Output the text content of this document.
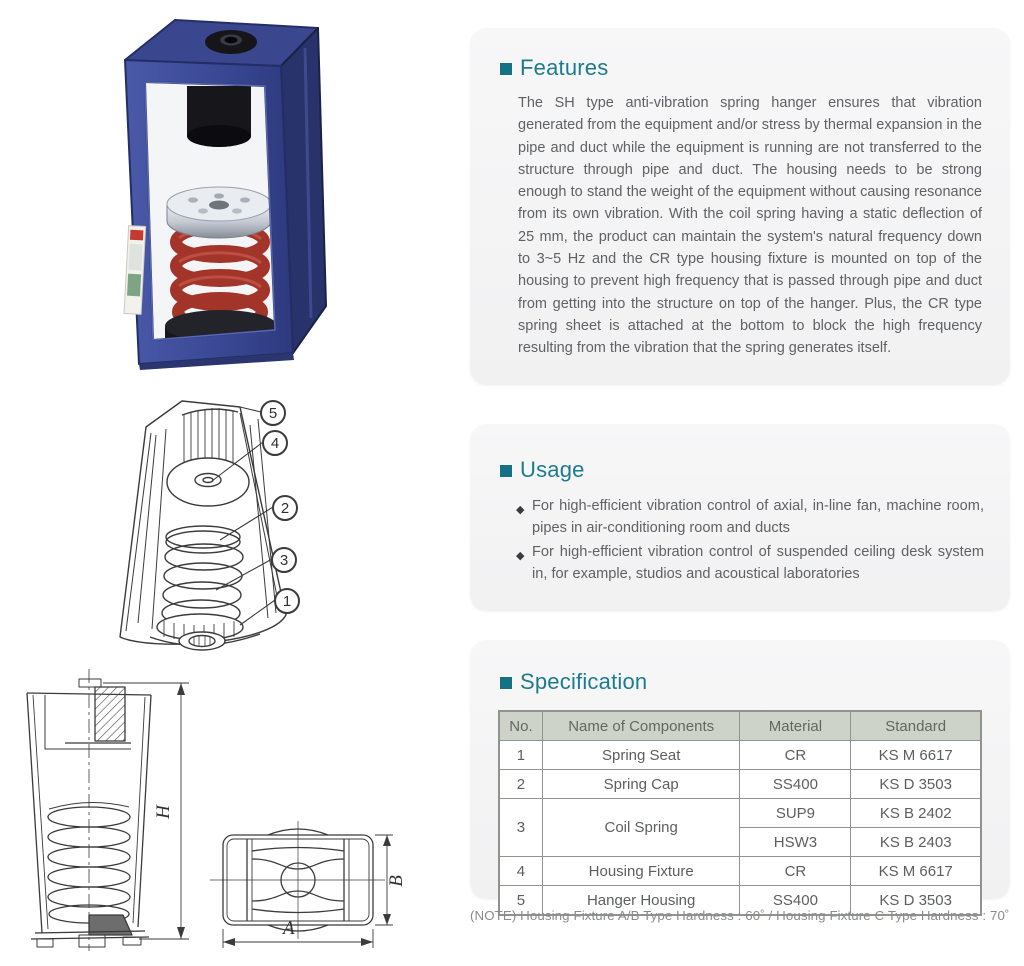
5
4
2
3
1
H
B
A
Features

The SH type anti-vibration spring hanger ensures that vibration generated from the equipment and/or stress by thermal expansion in the pipe and duct while the equipment is running are not transferred to the structure through pipe and duct. The housing needs to be strong enough to stand the weight of the equipment without causing resonance from its own vibration. With the coil spring having a static deflection of 25 mm, the product can maintain the system's natural frequency down to 3~5 Hz and the CR type housing fixture is mounted on top of the housing to prevent high frequency that is passed through pipe and duct from getting into the structure on top of the hanger. Plus, the CR type spring sheet is attached at the bottom to block the high frequency resulting from the vibration that the spring generates itself.

Usage
◆ For high-efficient vibration control of axial, in-line fan, machine room, pipes in air-conditioning room and ducts
◆ For high-efficient vibration control of suspended ceiling desk system in, for example, studios and acoustical laboratories
Specification
No.	Name of Components	Material	Standard
1	Spring Seat	CR	KS M 6617
2	Spring Cap	SS400	KS D 3503
3	Coil Spring	SUP9	KS B 2402
		HSW3	KS B 2403
4	Housing Fixture	CR	KS M 6617
5	Hanger Housing	SS400	KS D 3503
(NOTE) Housing Fixture A/B Type Hardness : 60˚ / Housing Fixture C Type Hardness : 70˚
